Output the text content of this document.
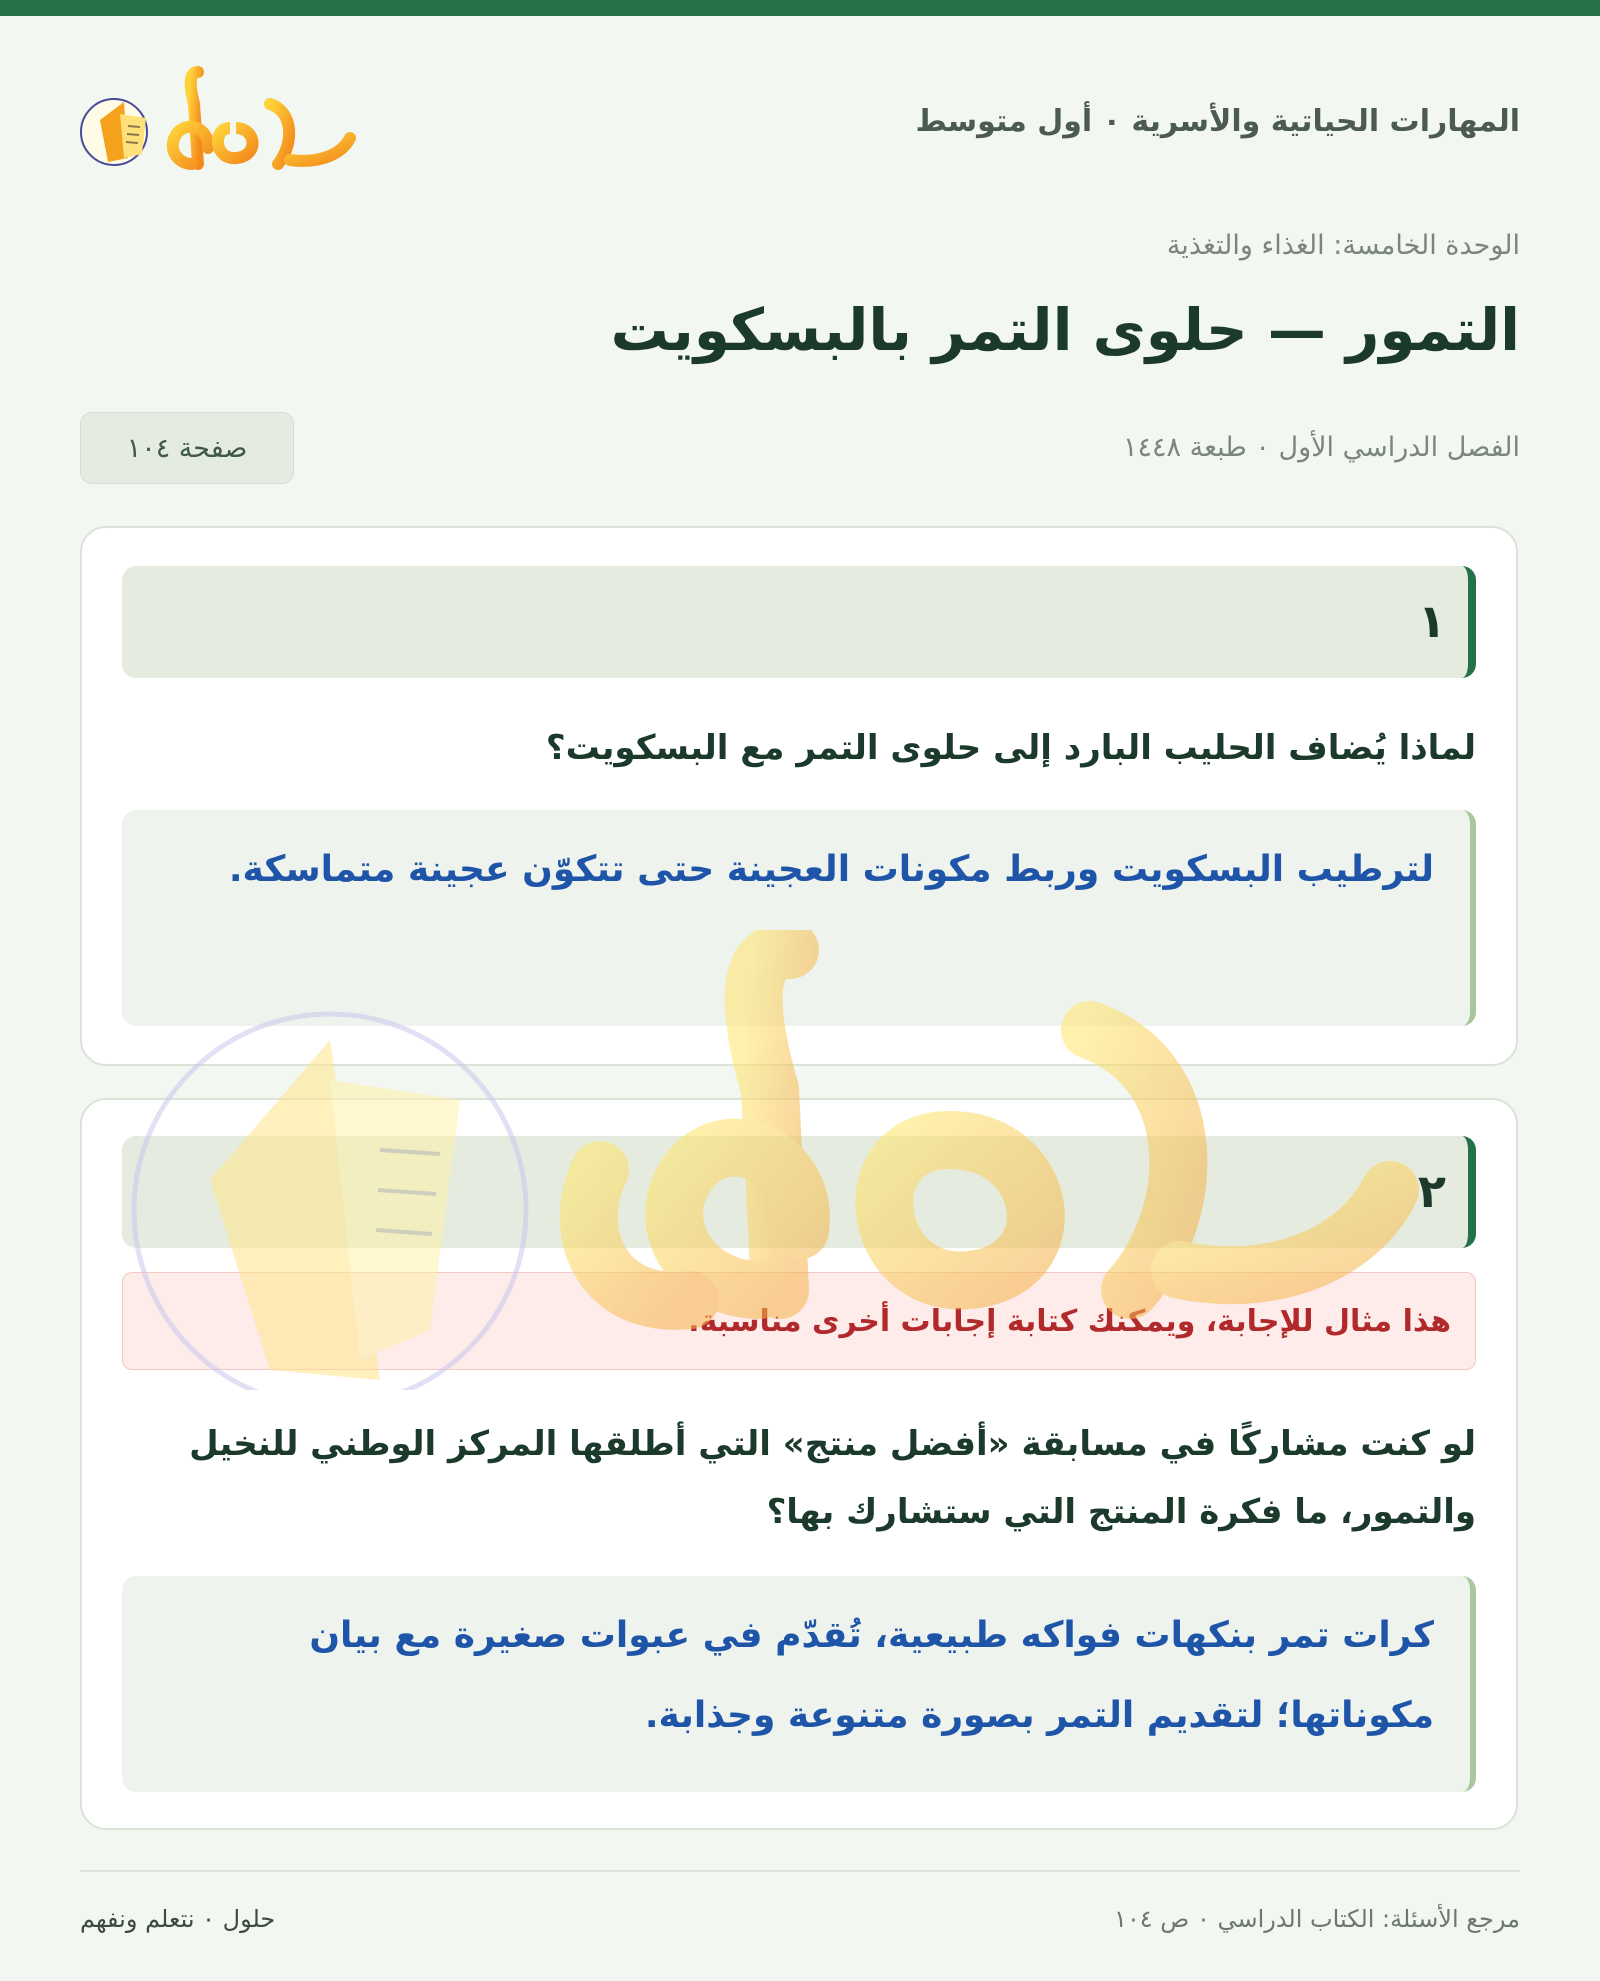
المهارات الحياتية والأسرية ٠ أول متوسط
الوحدة الخامسة: الغذاء والتغذية
التمور — حلوى التمر بالبسكويت
الفصل الدراسي الأول ٠ طبعة ١٤٤٨
صفحة ١٠٤
١
لماذا يُضاف الحليب البارد إلى حلوى التمر مع البسكويت؟
لترطيب البسكويت وربط مكونات العجينة حتى تتكوّن عجينة متماسكة.
٢
هذا مثال للإجابة، ويمكنك كتابة إجابات أخرى مناسبة.
لو كنت مشاركًا في مسابقة «أفضل منتج» التي أطلقها المركز الوطني للنخيل والتمور، ما فكرة المنتج التي ستشارك بها؟
كرات تمر بنكهات فواكه طبيعية، تُقدّم في عبوات صغيرة مع بيان مكوناتها؛ لتقديم التمر بصورة متنوعة وجذابة.
مرجع الأسئلة: الكتاب الدراسي ٠ ص ١٠٤
حلول ٠ نتعلم ونفهم
